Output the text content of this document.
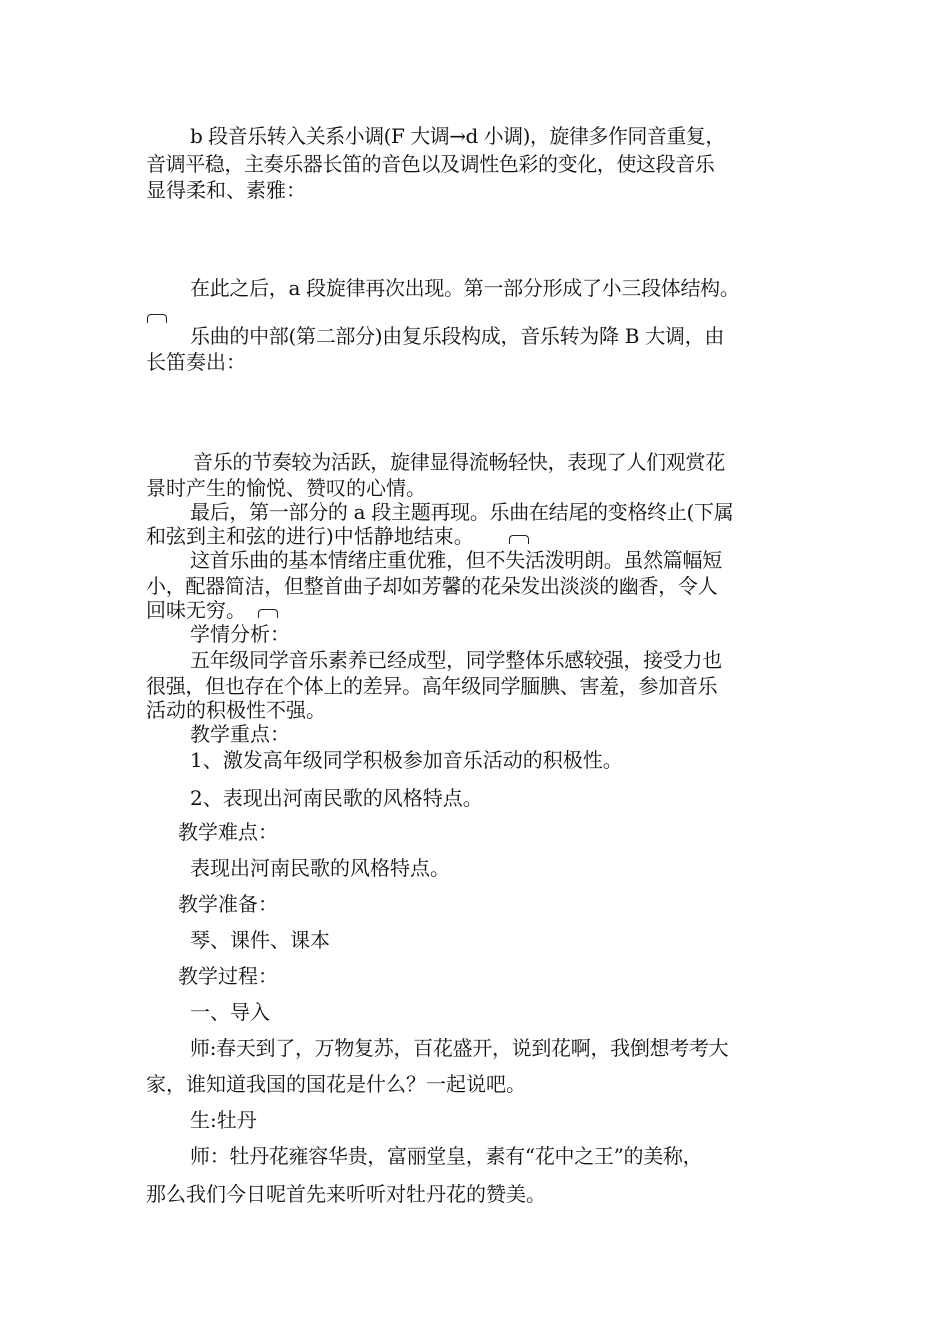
b 段音乐转入关系小调(F 大调→d 小调)，旋律多作同音重复，
音调平稳，主奏乐器长笛的音色以及调性色彩的变化，使这段音乐
显得柔和、素雅：
在此之后，a 段旋律再次出现。第一部分形成了小三段体结构。
乐曲的中部(第二部分)由复乐段构成，音乐转为降 B 大调，由
长笛奏出：
音乐的节奏较为活跃，旋律显得流畅轻快，表现了人们观赏花
景时产生的愉悦、赞叹的心情。
最后，第一部分的 a 段主题再现。乐曲在结尾的变格终止(下属
和弦到主和弦的进行)中恬静地结束。
这首乐曲的基本情绪庄重优雅，但不失活泼明朗。虽然篇幅短
小，配器简洁，但整首曲子却如芳馨的花朵发出淡淡的幽香，令人
回味无穷。
学情分析：
五年级同学音乐素养已经成型，同学整体乐感较强，接受力也
很强，但也存在个体上的差异。高年级同学腼腆、害羞，参加音乐
活动的积极性不强。
教学重点：
1、激发高年级同学积极参加音乐活动的积极性。
2、表现出河南民歌的风格特点。
教学难点：
表现出河南民歌的风格特点。
教学准备：
琴、课件、课本
教学过程：
一、导入
师:春天到了，万物复苏，百花盛开，说到花啊，我倒想考考大
家，谁知道我国的国花是什么？一起说吧。
生:牡丹
师：牡丹花雍容华贵，富丽堂皇，素有“花中之王”的美称，
那么我们今日呢首先来听听对牡丹花的赞美。
